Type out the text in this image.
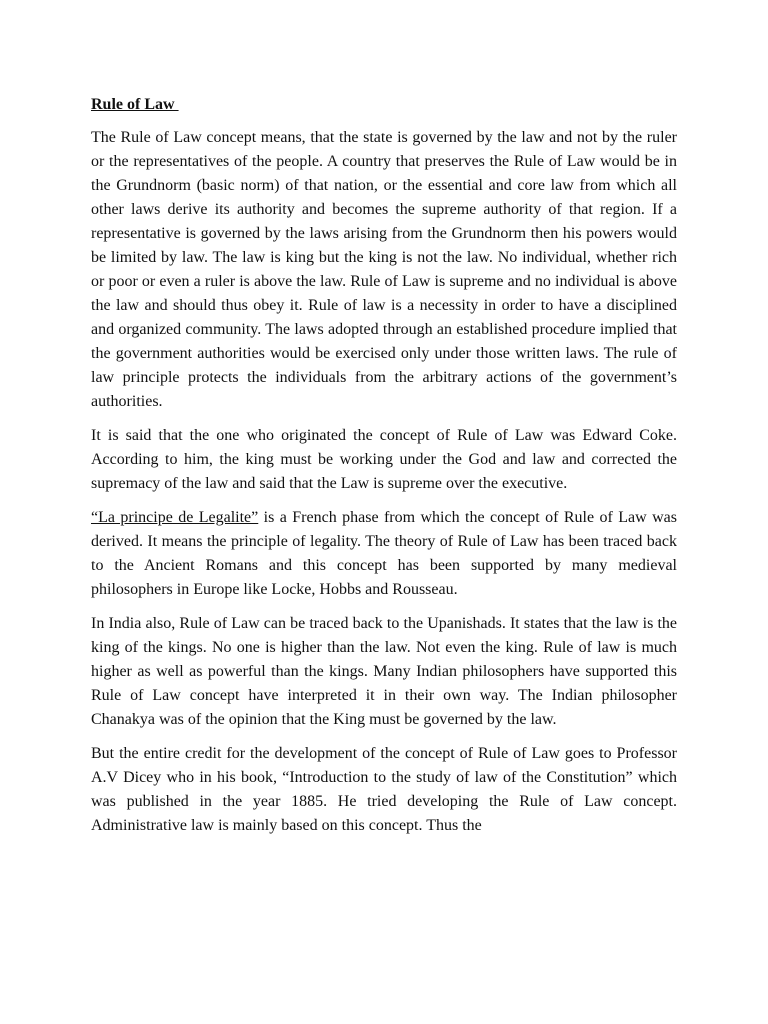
Rule of Law

The Rule of Law concept means, that the state is governed by the law and not by the ruler or the representatives of the people. A country that preserves the Rule of Law would be in the Grundnorm (basic norm) of that nation, or the essential and core law from which all other laws derive its authority and becomes the supreme authority of that region. If a representative is governed by the laws arising from the Grundnorm then his powers would be limited by law. The law is king but the king is not the law. No individual, whether rich or poor or even a ruler is above the law. Rule of Law is supreme and no individual is above the law and should thus obey it. Rule of law is a necessity in order to have a disciplined and organized community. The laws adopted through an established procedure implied that the government authorities would be exercised only under those written laws. The rule of law principle protects the individuals from the arbitrary actions of the government’s authorities.

It is said that the one who originated the concept of Rule of Law was Edward Coke. According to him, the king must be working under the God and law and corrected the supremacy of the law and said that the Law is supreme over the executive.

“La principe de Legalite” is a French phase from which the concept of Rule of Law was derived. It means the principle of legality. The theory of Rule of Law has been traced back to the Ancient Romans and this concept has been supported by many medieval philosophers in Europe like Locke, Hobbs and Rousseau.

In India also, Rule of Law can be traced back to the Upanishads. It states that the law is the king of the kings. No one is higher than the law. Not even the king. Rule of law is much higher as well as powerful than the kings. Many Indian philosophers have supported this Rule of Law concept have interpreted it in their own way. The Indian philosopher Chanakya was of the opinion that the King must be governed by the law.

But the entire credit for the development of the concept of Rule of Law goes to Professor A.V Dicey who in his book, “Introduction to the study of law of the Constitution” which was published in the year 1885. He tried developing the Rule of Law concept. Administrative law is mainly based on this concept. Thus the
